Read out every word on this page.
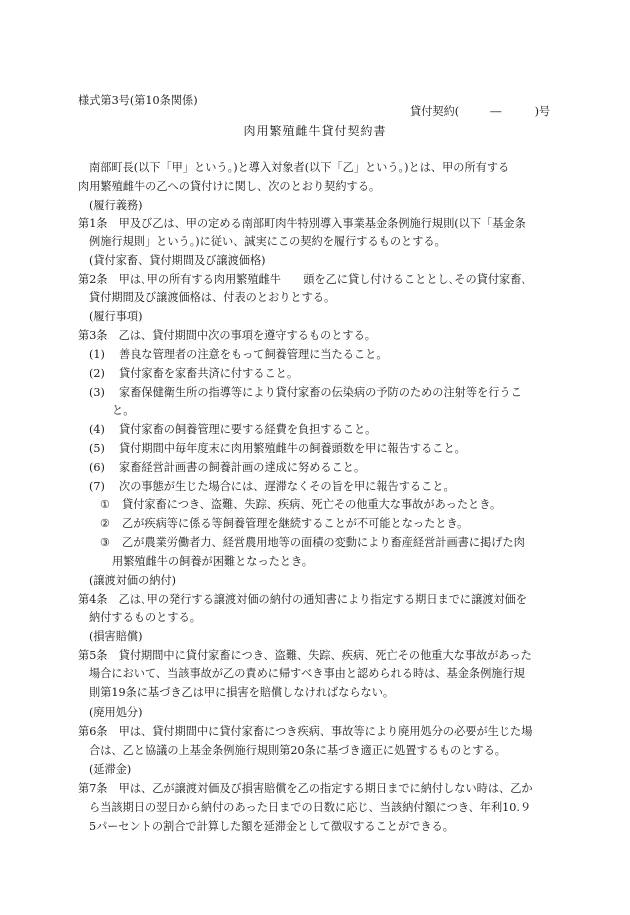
様式第3号(第10条関係)
貸付契約(	―	)号
肉用繁殖雌牛貸付契約書
南部町長(以下「甲」という。)と導入対象者(以下「乙」という。)とは、甲の所有する
肉用繁殖雌牛の乙への貸付けに関し、次のとおり契約する。
(履行義務)
第1条　甲及び乙は、甲の定める南部町肉牛特別導入事業基金条例施行規則(以下「基金条
例施行規則」という。)に従い、誠実にこの契約を履行するものとする。
(貸付家畜、貸付期間及び譲渡価格)
第2条　甲は､甲の所有する肉用繁殖雌牛　　頭を乙に貸し付けることとし､その貸付家畜､
貸付期間及び譲渡価格は、付表のとおりとする。
(履行事項)
第3条　乙は、貸付期間中次の事項を遵守するものとする。
(1) 善良な管理者の注意をもって飼養管理に当たること。
(2) 貸付家畜を家畜共済に付すること。
(3) 家畜保健衛生所の指導等により貸付家畜の伝染病の予防のための注射等を行うこ
と。
(4) 貸付家畜の飼養管理に要する経費を負担すること。
(5) 貸付期間中毎年度末に肉用繁殖雌牛の飼養頭数を甲に報告すること。
(6) 家畜経営計画書の飼養計画の達成に努めること。
(7) 次の事態が生じた場合には、遅滞なくその旨を甲に報告すること。
① 貸付家畜につき、盗難、失踪、疾病、死亡その他重大な事故があったとき。
② 乙が疾病等に係る等飼養管理を継続することが不可能となったとき。
③ 乙が農業労働者力、経営農用地等の面積の変動により畜産経営計画書に掲げた肉
用繁殖雌牛の飼養が困難となったとき。
(譲渡対価の納付)
第4条　乙は､甲の発行する譲渡対価の納付の通知書により指定する期日までに譲渡対価を
納付するものとする。
(損害賠償)
第5条　貸付期間中に貸付家畜につき、盗難、失踪、疾病、死亡その他重大な事故があった
場合において、当該事故が乙の責めに帰すべき事由と認められる時は、基金条例施行規
則第19条に基づき乙は甲に損害を賠償しなければならない。
(廃用処分)
第6条　甲は、貸付期間中に貸付家畜につき疾病、事故等により廃用処分の必要が生じた場
合は、乙と協議の上基金条例施行規則第20条に基づき適正に処置するものとする。
(延滞金)
第7条　甲は、乙が譲渡対価及び損害賠償を乙の指定する期日までに納付しない時は、乙か
ら当該期日の翌日から納付のあった日までの日数に応じ、当該納付額につき、年利10.９
5パーセントの割合で計算した額を延滞金として徴収することができる。
